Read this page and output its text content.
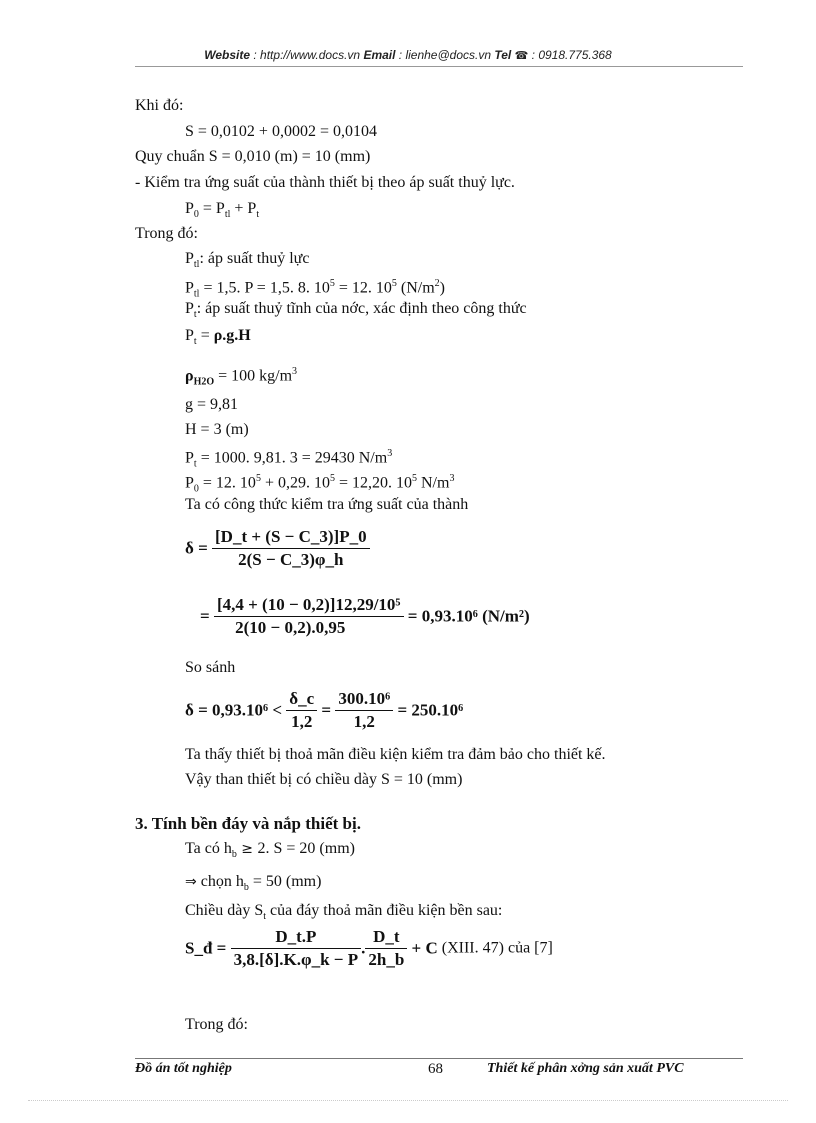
Website : http://www.docs.vn Email : lienhe@docs.vn Tel ☎ : 0918.775.368
Khi đó:
S = 0,0102 + 0,0002 = 0,0104
Quy chuẩn S = 0,010 (m) = 10 (mm)
- Kiểm tra ứng suất của thành thiết bị theo áp suất thuỷ lực.
$P_0 = P_{tl} + P_t$
Trong đó:
$P_{tl}$: áp suất thuỷ lực
$P_{tl} = 1,5$. P = 1,5. 8. $10^5 = 12$. $10^5$ $(N/m^2)$
$P_t$: áp suất thuỷ tĩnh của nớc, xác định theo công thức
$P_t = \rho.g.H$
$\rho_{H2O} = 100$ $kg/m^3$
g = 9,81
H = 3 (m)
$P_t = 1000$. 9,81. 3 = 29430 $N/m^3$
$P_0 = 12$. $10^5 + 0,29$. $10^5 = 12,20$. $10^5$ $N/m^3$
Ta có công thức kiểm tra ứng suất của thành
$\delta = \frac{[D\_t + (S - C\_3)]P\_0}{2(S - C\_3)\varphi\_h}$
= $\frac{\text{[4,4 + (10 − 0,2)]12,29/10⁵}}{2(10 - 0,2).0,95} = 0,93.10^6$ (N/m²)
So sánh
$\delta = 0,93.10^6 < \frac{\delta\_c}{1,2} = \frac{\text{300.10⁶}}{1,2} = 250.10^6$
Ta thấy thiết bị thoả mãn điều kiện kiểm tra đảm bảo cho thiết kế.
Vậy than thiết bị có chiều dày S = 10 (mm)
3. Tính bền đáy và nắp thiết bị.
Ta có $h_b \ge 2$. S = 20 (mm)
⇒ chọn $h_b = 50$ (mm)
Chiều dày $S_t$ của đáy thoả mãn điều kiện bền sau:
S_đ = $\frac{D\_t.P}{3,8.[\delta].K.\varphi\_k - P}$ . $\frac{D\_t}{2h\_b} + C$ (XIII. 47) của [7]
Trong đó:
Đồ án tốt nghiệp	68	Thiết kế phân xởng sản xuất PVC
